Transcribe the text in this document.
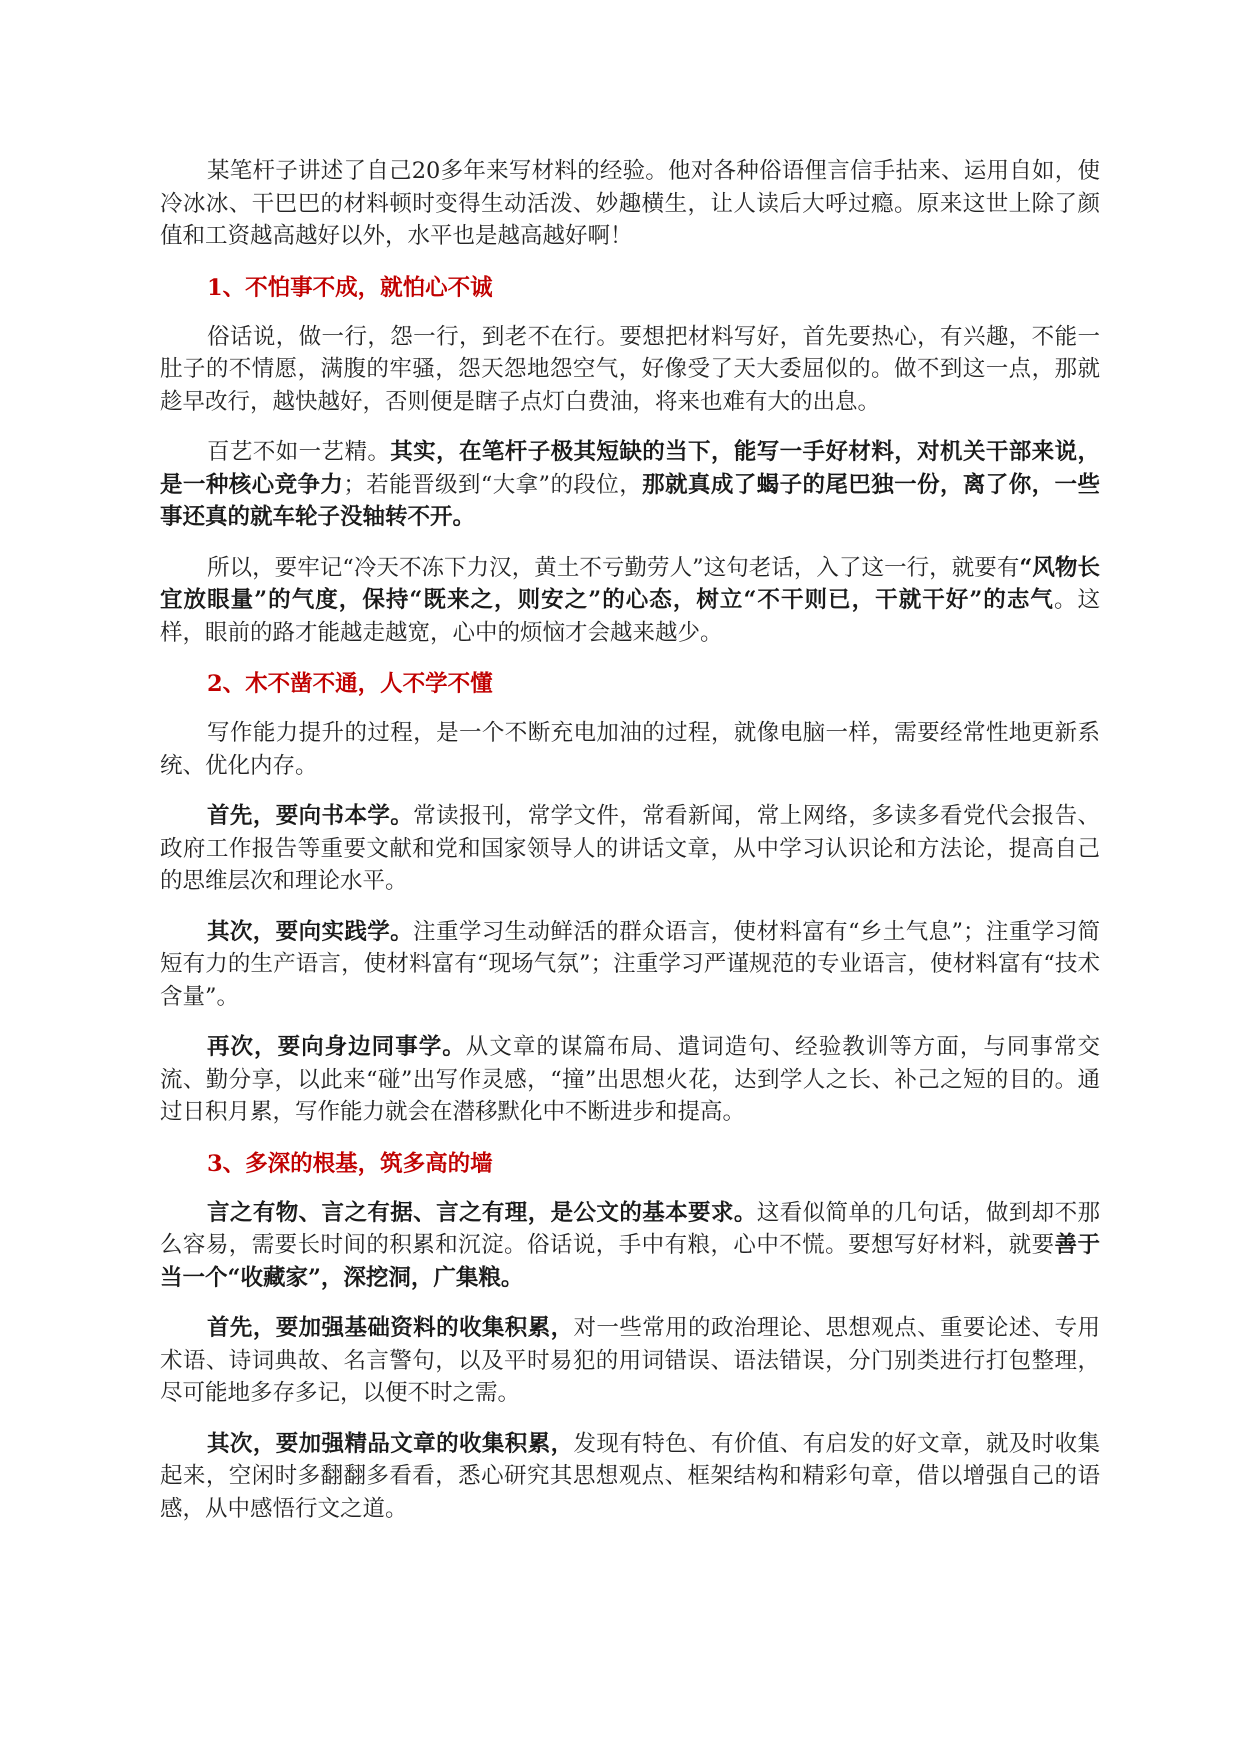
某笔杆子讲述了自己20多年来写材料的经验。他对各种俗语俚言信手拈来、运用自如，使冷冰冰、干巴巴的材料顿时变得生动活泼、妙趣横生，让人读后大呼过瘾。原来这世上除了颜值和工资越高越好以外，水平也是越高越好啊！

1、不怕事不成，就怕心不诚

俗话说，做一行，怨一行，到老不在行。要想把材料写好，首先要热心，有兴趣，不能一肚子的不情愿，满腹的牢骚，怨天怨地怨空气，好像受了天大委屈似的。做不到这一点，那就趁早改行，越快越好，否则便是瞎子点灯白费油，将来也难有大的出息。

百艺不如一艺精。其实，在笔杆子极其短缺的当下，能写一手好材料，对机关干部来说，是一种核心竞争力；若能晋级到“大拿”的段位，那就真成了蝎子的尾巴独一份，离了你，一些事还真的就车轮子没轴转不开。

所以，要牢记“冷天不冻下力汉，黄土不亏勤劳人”这句老话，入了这一行，就要有“风物长宜放眼量”的气度，保持“既来之，则安之”的心态，树立“不干则已，干就干好”的志气。这样，眼前的路才能越走越宽，心中的烦恼才会越来越少。

2、木不凿不通，人不学不懂

写作能力提升的过程，是一个不断充电加油的过程，就像电脑一样，需要经常性地更新系统、优化内存。

首先，要向书本学。常读报刊，常学文件，常看新闻，常上网络，多读多看党代会报告、政府工作报告等重要文献和党和国家领导人的讲话文章，从中学习认识论和方法论，提高自己的思维层次和理论水平。

其次，要向实践学。注重学习生动鲜活的群众语言，使材料富有“乡土气息”；注重学习简短有力的生产语言，使材料富有“现场气氛”；注重学习严谨规范的专业语言，使材料富有“技术含量”。

再次，要向身边同事学。从文章的谋篇布局、遣词造句、经验教训等方面，与同事常交流、勤分享，以此来“碰”出写作灵感，“撞”出思想火花，达到学人之长、补己之短的目的。通过日积月累，写作能力就会在潜移默化中不断进步和提高。

3、多深的根基，筑多高的墙

言之有物、言之有据、言之有理，是公文的基本要求。这看似简单的几句话，做到却不那么容易，需要长时间的积累和沉淀。俗话说，手中有粮，心中不慌。要想写好材料，就要善于当一个“收藏家”，深挖洞，广集粮。

首先，要加强基础资料的收集积累，对一些常用的政治理论、思想观点、重要论述、专用术语、诗词典故、名言警句，以及平时易犯的用词错误、语法错误，分门别类进行打包整理，尽可能地多存多记，以便不时之需。

其次，要加强精品文章的收集积累，发现有特色、有价值、有启发的好文章，就及时收集起来，空闲时多翻翻多看看，悉心研究其思想观点、框架结构和精彩句章，借以增强自己的语感，从中感悟行文之道。
